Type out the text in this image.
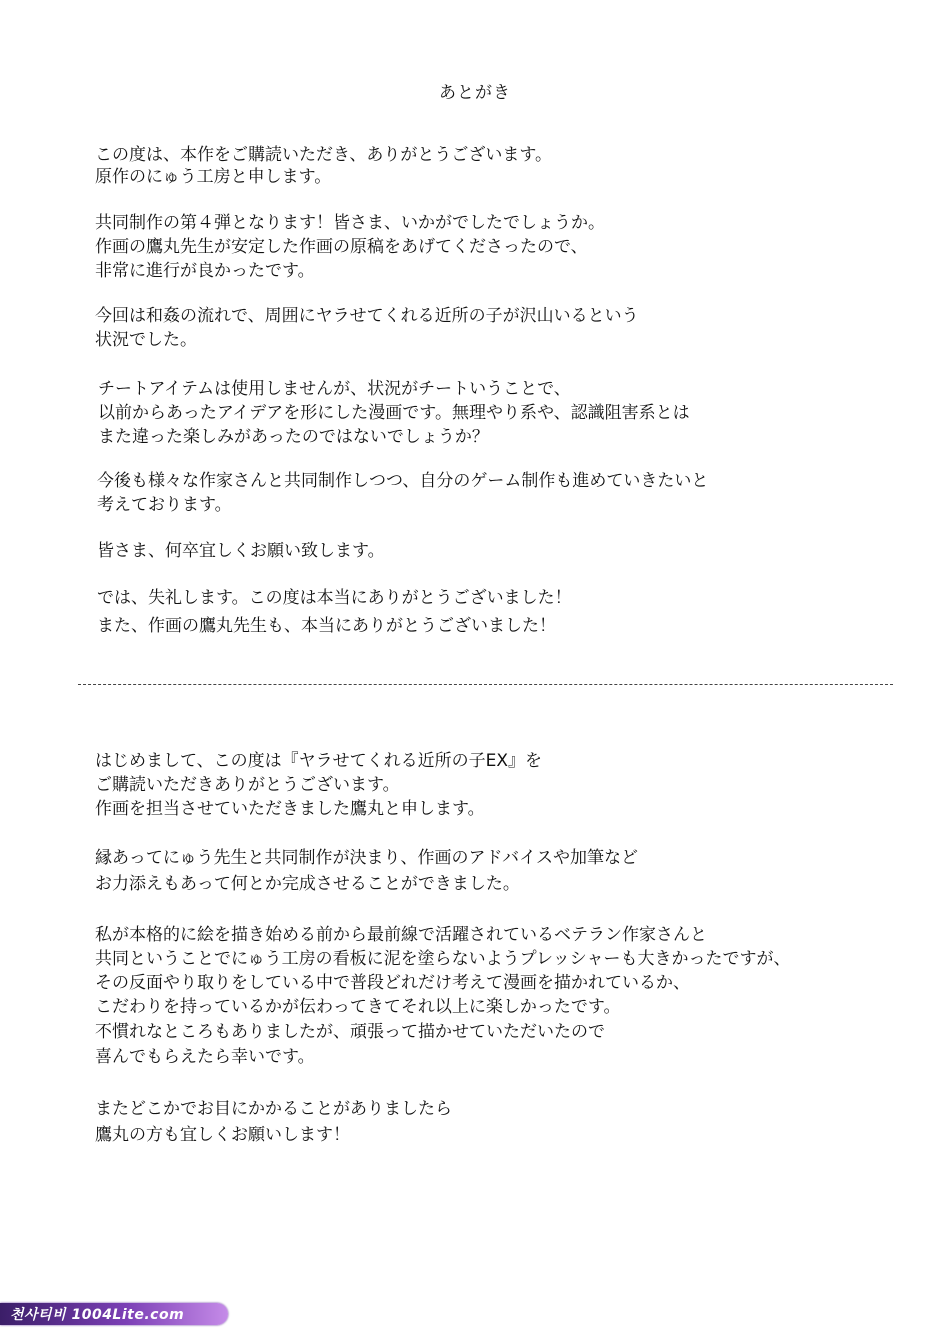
あとがき
この度は、本作をご購読いただき、ありがとうございます。
原作のにゅう工房と申します。
共同制作の第４弾となります！皆さま、いかがでしたでしょうか。
作画の鷹丸先生が安定した作画の原稿をあげてくださったので、
非常に進行が良かったです。
今回は和姦の流れで、周囲にヤラせてくれる近所の子が沢山いるという
状況でした。
チートアイテムは使用しませんが、状況がチートいうことで、
以前からあったアイデアを形にした漫画です。無理やり系や、認識阻害系とは
また違った楽しみがあったのではないでしょうか？
今後も様々な作家さんと共同制作しつつ、自分のゲーム制作も進めていきたいと
考えております。
皆さま、何卒宜しくお願い致します。
では、失礼します。この度は本当にありがとうございました！
また、作画の鷹丸先生も、本当にありがとうございました！
はじめまして、この度は『ヤラせてくれる近所の子EX』を
ご購読いただきありがとうございます。
作画を担当させていただきました鷹丸と申します。
縁あってにゅう先生と共同制作が決まり、作画のアドバイスや加筆など
お力添えもあって何とか完成させることができました。
私が本格的に絵を描き始める前から最前線で活躍されているベテラン作家さんと
共同ということでにゅう工房の看板に泥を塗らないようプレッシャーも大きかったですが、
その反面やり取りをしている中で普段どれだけ考えて漫画を描かれているか、
こだわりを持っているかが伝わってきてそれ以上に楽しかったです。
不慣れなところもありましたが、頑張って描かせていただいたので
喜んでもらえたら幸いです。
またどこかでお目にかかることがありましたら
鷹丸の方も宜しくお願いします！
천사티비 1004Lite.com
